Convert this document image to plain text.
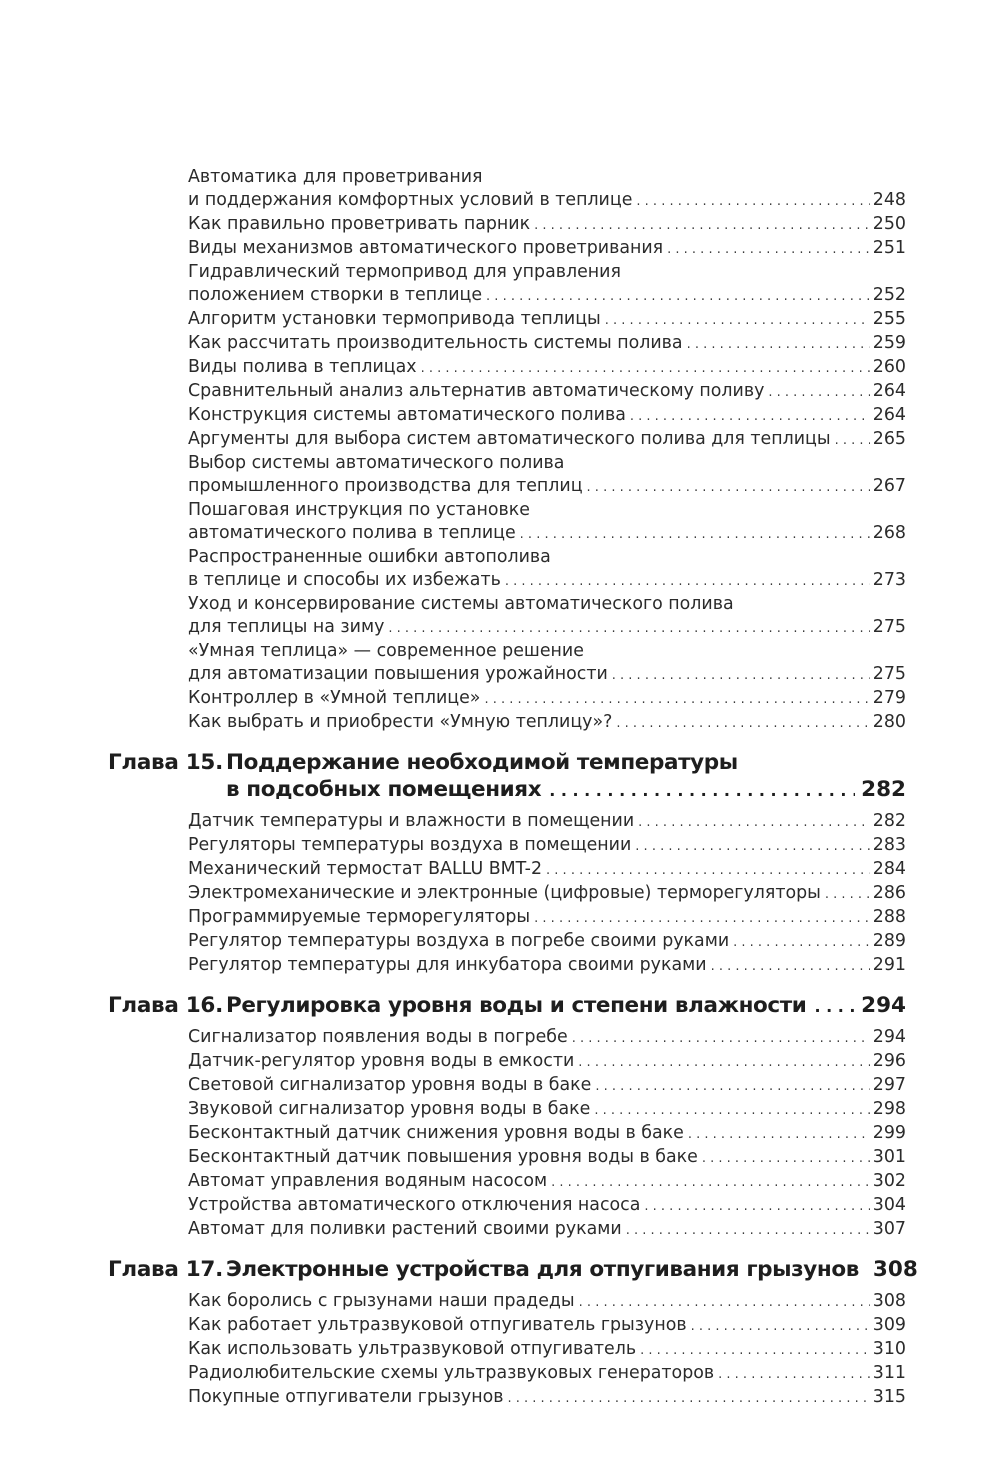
Автоматика для проветривания
и поддержания комфортных условий в теплице . . .	248
Как правильно проветривать парник . . .	250
Виды механизмов автоматического проветривания . . .	251
Гидравлический термопривод для управления
положением створки в теплице . . .	252
Алгоритм установки термопривода теплицы . . .	255
Как рассчитать производительность системы полива . . .	259
Виды полива в теплицах . . .	260
Сравнительный анализ альтернатив автоматическому поливу . . .	264
Конструкция системы автоматического полива . . .	264
Аргументы для выбора систем автоматического полива для теплицы . . . 265
Выбор системы автоматического полива
промышленного производства для теплиц . . .	267
Пошаговая инструкция по установке
автоматического полива в теплице . . .	268
Распространенные ошибки автополива
в теплице и способы их избежать . . .	273
Уход и консервирование системы автоматического полива
для теплицы на зиму . . .	275
«Умная теплица» — современное решение
для автоматизации повышения урожайности . . .	275
Контроллер в «Умной теплице» . . .	279
Как выбрать и приобрести «Умную теплицу»? . . .	280
Глава 15. Поддержание необходимой температуры
в подсобных помещениях . . .	282
Датчик температуры и влажности в помещении . . .	282
Регуляторы температуры воздуха в помещении . . .	283
Механический термостат BALLU BMT-2 . . .	284
Электромеханические и электронные (цифровые) терморегуляторы . . .	286
Программируемые терморегуляторы . . .	288
Регулятор температуры воздуха в погребе своими руками . . .	289
Регулятор температуры для инкубатора своими руками . . .	291
Глава 16. Регулировка уровня воды и степени влажности . . .	294
Сигнализатор появления воды в погребе . . .	294
Датчик-регулятор уровня воды в емкости . . .	296
Световой сигнализатор уровня воды в баке . . .	297
Звуковой сигнализатор уровня воды в баке . . .	298
Бесконтактный датчик снижения уровня воды в баке . . .	299
Бесконтактный датчик повышения уровня воды в баке . . .	301
Автомат управления водяным насосом . . .	302
Устройства автоматического отключения насоса . . .	304
Автомат для поливки растений своими руками . . .	307
Глава 17. Электронные устройства для отпугивания грызунов 308
Как боролись с грызунами наши прадеды . . .	308
Как работает ультразвуковой отпугиватель грызунов . . .	309
Как использовать ультразвуковой отпугиватель . . .	310
Радиолюбительские схемы ультразвуковых генераторов . . .	311
Покупные отпугиватели грызунов . . .	315
